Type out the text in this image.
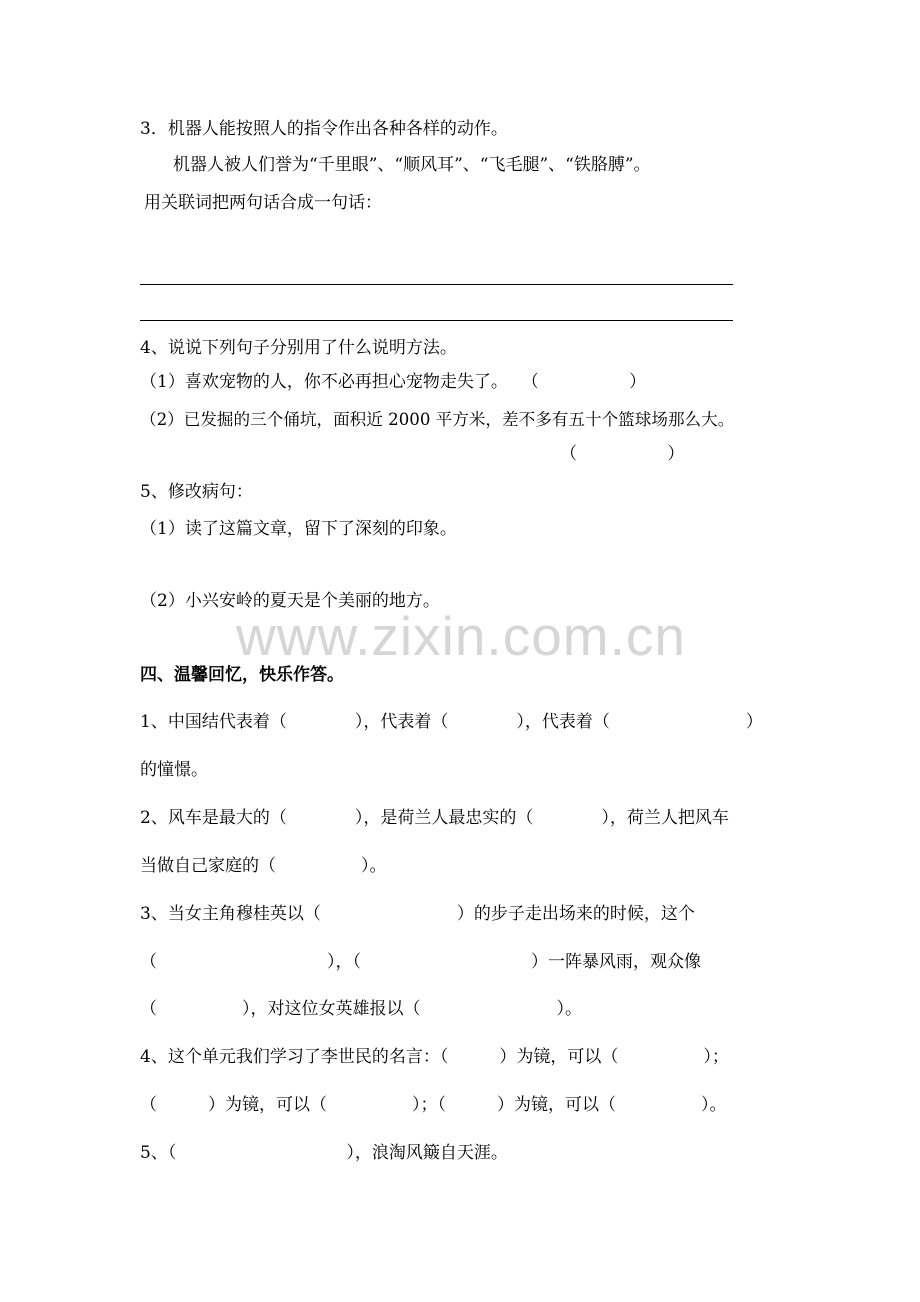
3．机器人能按照人的指令作出各种各样的动作。
机器人被人们誉为“千里眼”、“顺风耳”、“飞毛腿”、“铁胳膊”。
用关联词把两句话合成一句话：
4、说说下列句子分别用了什么说明方法。
（1）喜欢宠物的人，你不必再担心宠物走失了。　 （ 　　　　　）
（2）已发掘的三个俑坑，面积近 2000 平方米，差不多有五十个篮球场那么大。
（ 　　　　　）
5、修改病句：
（1）读了这篇文章，留下了深刻的印象。
（2）小兴安岭的夏天是个美丽的地方。
www.zixin.com.cn
四、温馨回忆，快乐作答。
1、中国结代表着（　　　　），代表着（　　　　），代表着（　　　　　　　　）
的憧憬。
2、风车是最大的（　　　　），是荷兰人最忠实的（　　　　），荷兰人把风车
当做自己家庭的（　　　　　）。
3、当女主角穆桂英以（　　　　　　　　）的步子走出场来的时候，这个
（　　　　　　　　　　），（　　　　　　　　　　）一阵暴风雨，观众像
（　　　　　），对这位女英雄报以（　　　　　　　　）。
4、这个单元我们学习了李世民的名言：（　　　）为镜，可以（　　　　　）；
（　　　）为镜，可以（　　　　　）；（　　　）为镜，可以（　　　　　）。
5、（　　　　　　　　　　），浪淘风簸自天涯。
